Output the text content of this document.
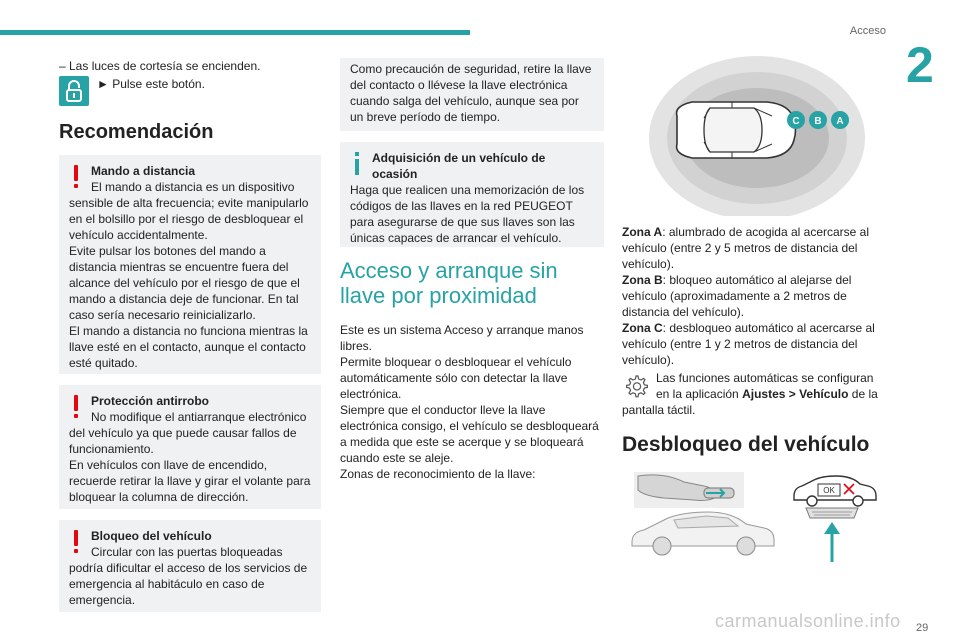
Acceso
2
29
– Las luces de cortesía se encienden.
► Pulse este botón.
Recomendación

Mando a distancia

El mando a distancia es un dispositivo

sensible de alta frecuencia; evite manipularlo en el bolsillo por el riesgo de desbloquear el vehículo accidentalmente.
Evite pulsar los botones del mando a distancia mientras se encuentre fuera del alcance del vehículo por el riesgo de que el mando a distancia deje de funcionar. En tal caso sería necesario reinicializarlo.
El mando a distancia no funciona mientras la llave esté en el contacto, aunque el contacto esté quitado.

Protección antirrobo

No modifique el antiarranque electrónico

del vehículo ya que puede causar fallos de funcionamiento.
En vehículos con llave de encendido, recuerde retirar la llave y girar el volante para bloquear la columna de dirección.

Bloqueo del vehículo

Circular con las puertas bloqueadas

podría dificultar el acceso de los servicios de emergencia al habitáculo en caso de emergencia.

Como precaución de seguridad, retire la llave del contacto o llévese la llave electrónica cuando salga del vehículo, aunque sea por un breve período de tiempo.

Adquisición de un vehículo de ocasión

Haga que realicen una memorización de los códigos de las llaves en la red PEUGEOT para asegurarse de que sus llaves son las únicas capaces de arrancar el vehículo.

Acceso y arranque sin
llave por proximidad

Este es un sistema Acceso y arranque manos libres.
Permite bloquear o desbloquear el vehículo automáticamente sólo con detectar la llave electrónica.
Siempre que el conductor lleve la llave electrónica consigo, el vehículo se desbloqueará a medida que este se acerque y se bloqueará cuando este se aleje.
Zonas de reconocimiento de la llave:

C B A

Zona A: alumbrado de acogida al acercarse al vehículo (entre 2 y 5 metros de distancia del vehículo).

Zona B: bloqueo automático al alejarse del vehículo (aproximadamente a 2 metros de distancia del vehículo).

Zona C: desbloqueo automático al acercarse al vehículo (entre 1 y 2 metros de distancia del vehículo).

Las funciones automáticas se configuran en la aplicación Ajustes > Vehículo de la

pantalla táctil.

Desbloqueo del vehículo
OK
carmanualsonline.info
